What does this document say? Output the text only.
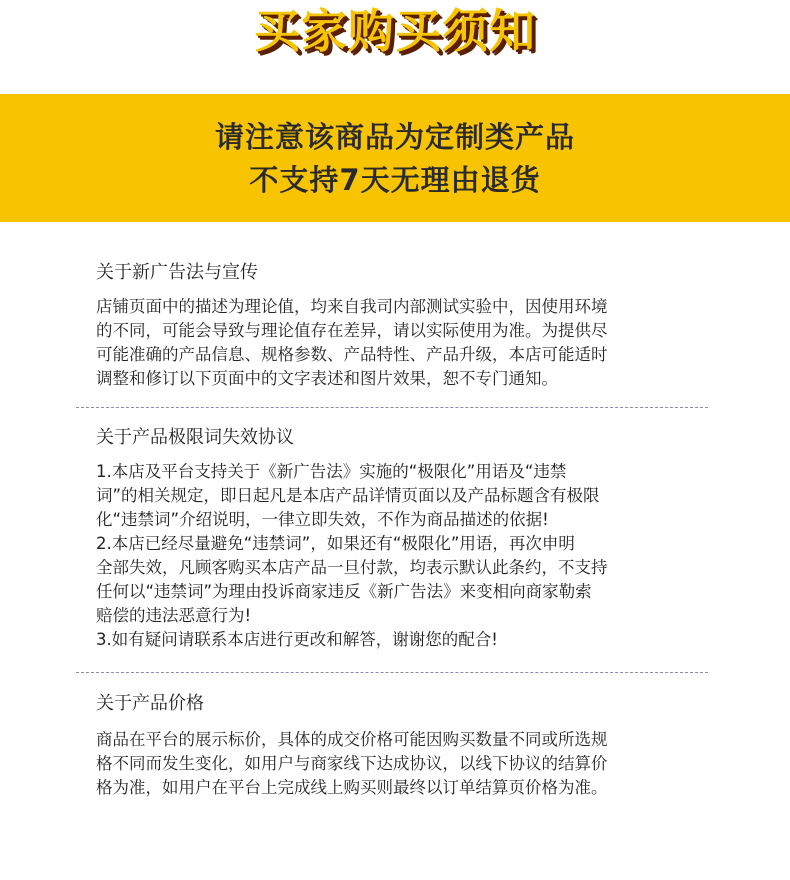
买家购买须知
请注意该商品为定制类产品
不支持7天无理由退货

关于新广告法与宣传

店铺页面中的描述为理论值，均来自我司内部测试实验中，因使用环境

的不同，可能会导致与理论值存在差异，请以实际使用为准。为提供尽

可能准确的产品信息、规格参数、产品特性、产品升级，本店可能适时

调整和修订以下页面中的文字表述和图片效果，恕不专门通知。

关于产品极限词失效协议

1.本店及平台支持关于《新广告法》实施的“极限化”用语及“违禁

词”的相关规定，即日起凡是本店产品详情页面以及产品标题含有极限

化“违禁词”介绍说明，一律立即失效，不作为商品描述的依据!

2.本店已经尽量避免“违禁词”，如果还有“极限化”用语，再次申明

全部失效，凡顾客购买本店产品一旦付款，均表示默认此条约，不支持

任何以“违禁词”为理由投诉商家违反《新广告法》来变相向商家勒索

赔偿的违法恶意行为!

3.如有疑问请联系本店进行更改和解答，谢谢您的配合!

关于产品价格

商品在平台的展示标价，具体的成交价格可能因购买数量不同或所选规

格不同而发生变化，如用户与商家线下达成协议，以线下协议的结算价

格为准，如用户在平台上完成线上购买则最终以订单结算页价格为准。
